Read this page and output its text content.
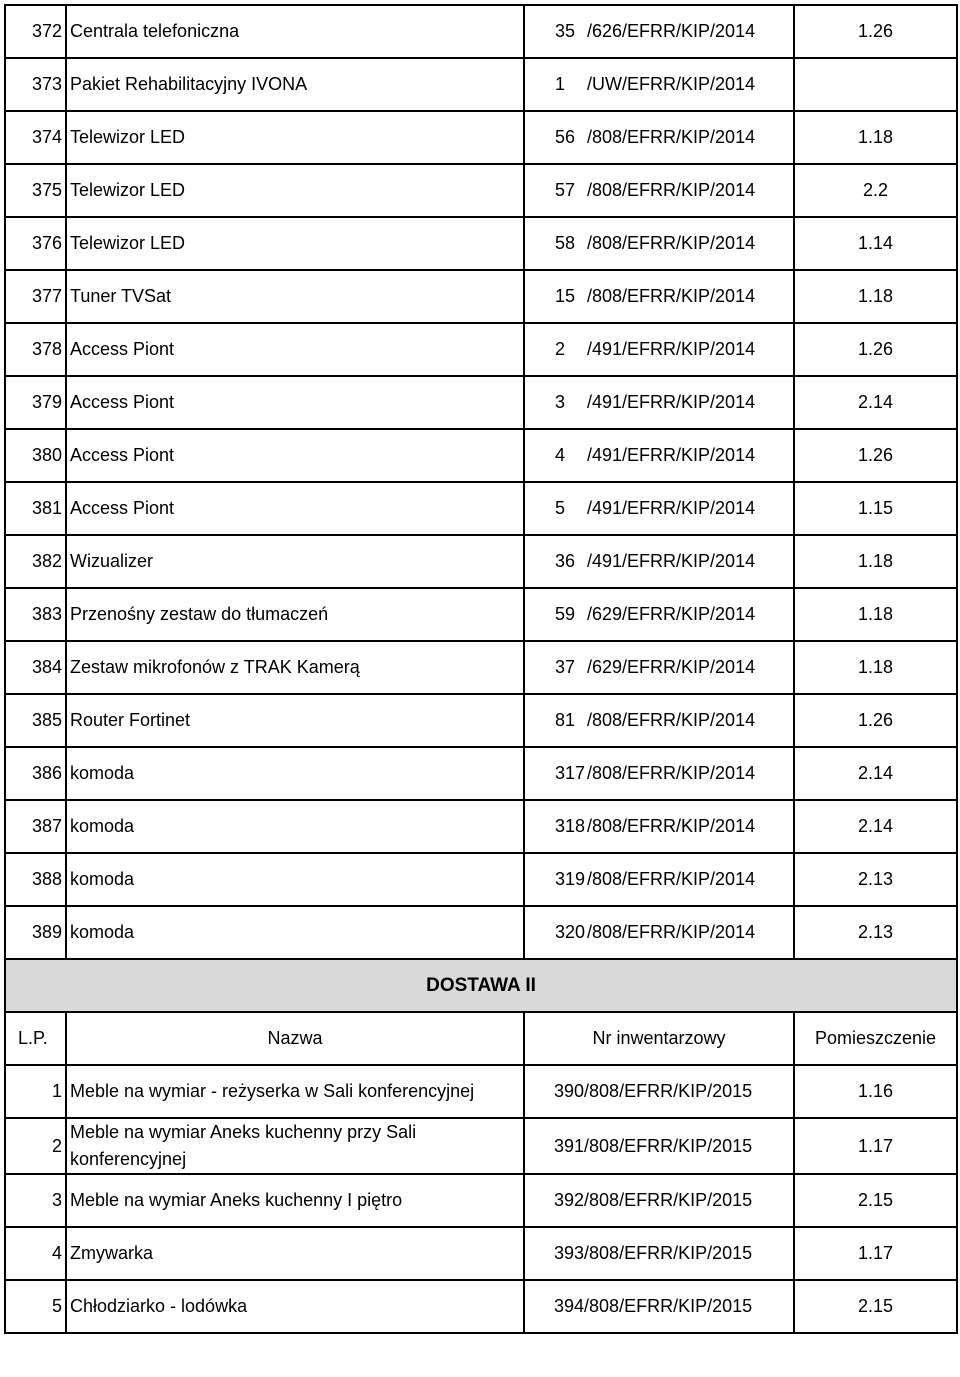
372	Centrala telefoniczna	35 /626/EFRR/KIP/2014	1.26
373	Pakiet Rehabilitacyjny IVONA	1 /UW/EFRR/KIP/2014	
374	Telewizor LED	56 /808/EFRR/KIP/2014	1.18
375	Telewizor LED	57 /808/EFRR/KIP/2014	2.2
376	Telewizor LED	58 /808/EFRR/KIP/2014	1.14
377	Tuner TVSat	15 /808/EFRR/KIP/2014	1.18
378	Access Piont	2 /491/EFRR/KIP/2014	1.26
379	Access Piont	3 /491/EFRR/KIP/2014	2.14
380	Access Piont	4 /491/EFRR/KIP/2014	1.26
381	Access Piont	5 /491/EFRR/KIP/2014	1.15
382	Wizualizer	36 /491/EFRR/KIP/2014	1.18
383	Przenośny zestaw do tłumaczeń	59 /629/EFRR/KIP/2014	1.18
384	Zestaw mikrofonów z TRAK Kamerą	37 /629/EFRR/KIP/2014	1.18
385	Router Fortinet	81 /808/EFRR/KIP/2014	1.26
386	komoda	317 /808/EFRR/KIP/2014	2.14
387	komoda	318 /808/EFRR/KIP/2014	2.14
388	komoda	319 /808/EFRR/KIP/2014	2.13
389	komoda	320 /808/EFRR/KIP/2014	2.13
DOSTAWA II			
L.P.	Nazwa	Nr inwentarzowy	Pomieszczenie
1	Meble na wymiar - reżyserka w Sali konferencyjnej	390/808/EFRR/KIP/2015	1.16
2	Meble na wymiar Aneks kuchenny przy Sali konferencyjnej	391/808/EFRR/KIP/2015	1.17
3	Meble na wymiar Aneks kuchenny I piętro	392/808/EFRR/KIP/2015	2.15
4	Zmywarka	393/808/EFRR/KIP/2015	1.17
5	Chłodziarko - lodówka	394/808/EFRR/KIP/2015	2.15
